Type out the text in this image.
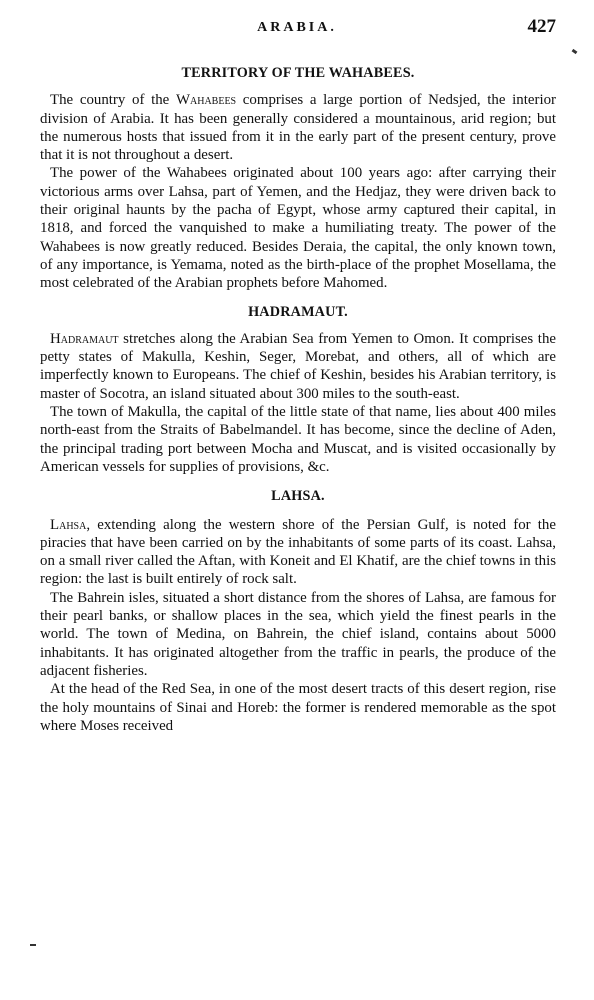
ARABIA.	427
TERRITORY OF THE WAHABEES.

The country of the Wahabees comprises a large portion of Nedsjed, the interior division of Arabia. It has been generally considered a mountainous, arid region; but the numerous hosts that issued from it in the early part of the present century, prove that it is not throughout a desert.

The power of the Wahabees originated about 100 years ago: after carrying their victorious arms over Lahsa, part of Yemen, and the Hedjaz, they were driven back to their original haunts by the pacha of Egypt, whose army captured their capital, in 1818, and forced the vanquished to make a humiliating treaty. The power of the Wahabees is now greatly reduced. Besides Deraia, the capital, the only known town, of any importance, is Yemama, noted as the birth-place of the prophet Mosellama, the most celebrated of the Arabian prophets before Mahomed.

HADRAMAUT.

Hadramaut stretches along the Arabian Sea from Yemen to Omon. It comprises the petty states of Makulla, Keshin, Seger, Morebat, and others, all of which are imperfectly known to Europeans. The chief of Keshin, besides his Arabian territory, is master of Socotra, an island situated about 300 miles to the south-east.

The town of Makulla, the capital of the little state of that name, lies about 400 miles north-east from the Straits of Babelmandel. It has become, since the decline of Aden, the principal trading port between Mocha and Muscat, and is visited occasionally by American vessels for supplies of provisions, &c.

LAHSA.

Lahsa, extending along the western shore of the Persian Gulf, is noted for the piracies that have been carried on by the inhabitants of some parts of its coast. Lahsa, on a small river called the Aftan, with Koneit and El Khatif, are the chief towns in this region: the last is built entirely of rock salt.

The Bahrein isles, situated a short distance from the shores of Lahsa, are famous for their pearl banks, or shallow places in the sea, which yield the finest pearls in the world. The town of Medina, on Bahrein, the chief island, contains about 5000 inhabitants. It has originated altogether from the traffic in pearls, the produce of the adjacent fisheries.

At the head of the Red Sea, in one of the most desert tracts of this desert region, rise the holy mountains of Sinai and Horeb: the former is rendered memorable as the spot where Moses received
